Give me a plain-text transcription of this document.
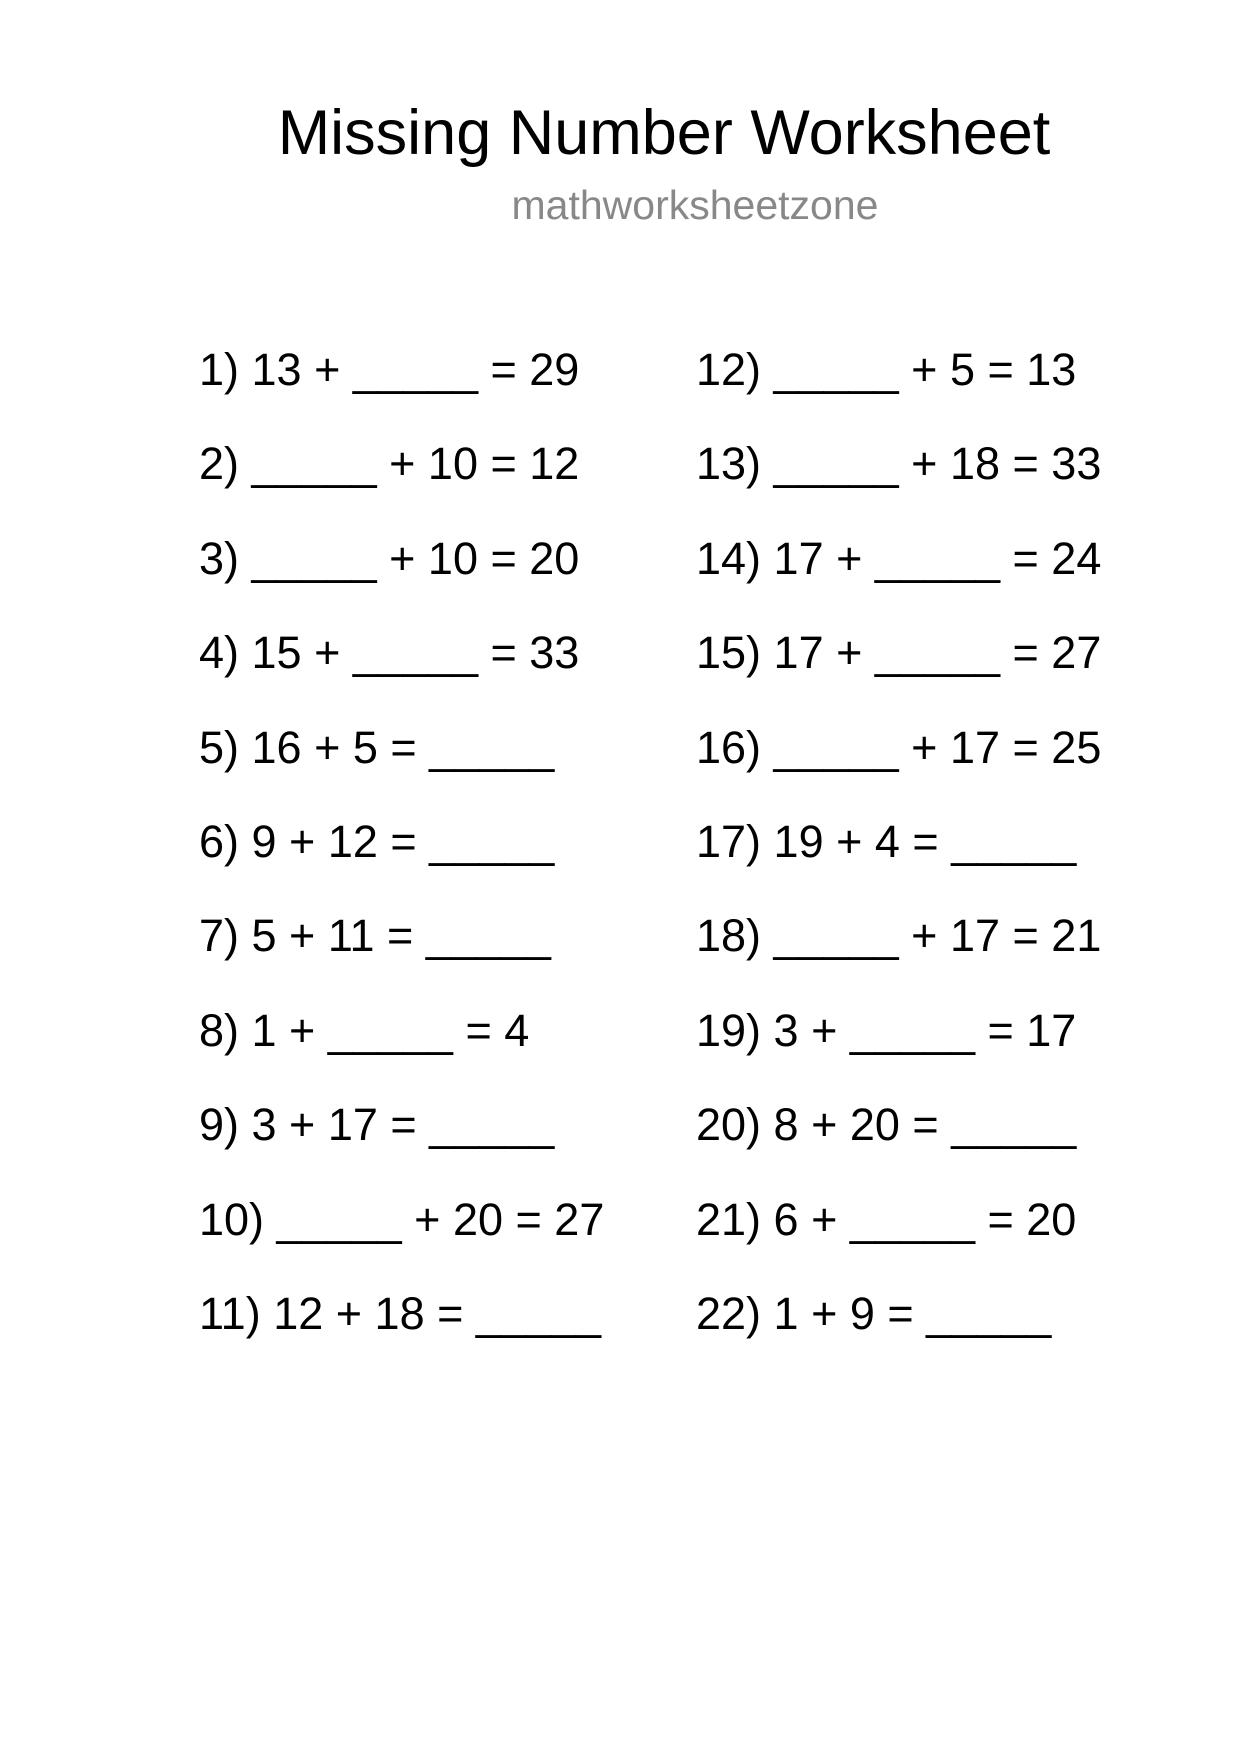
Missing Number Worksheet
mathworksheetzone
1) 13 + _____ = 29
2) _____ + 10 = 12
3) _____ + 10 = 20
4) 15 + _____ = 33
5) 16 + 5 = _____
6) 9 + 12 = _____
7) 5 + 11 = _____
8) 1 + _____ = 4
9) 3 + 17 = _____
10) _____ + 20 = 27
11) 12 + 18 = _____
12) _____ + 5 = 13
13) _____ + 18 = 33
14) 17 + _____ = 24
15) 17 + _____ = 27
16) _____ + 17 = 25
17) 19 + 4 = _____
18) _____ + 17 = 21
19) 3 + _____ = 17
20) 8 + 20 = _____
21) 6 + _____ = 20
22) 1 + 9 = _____
